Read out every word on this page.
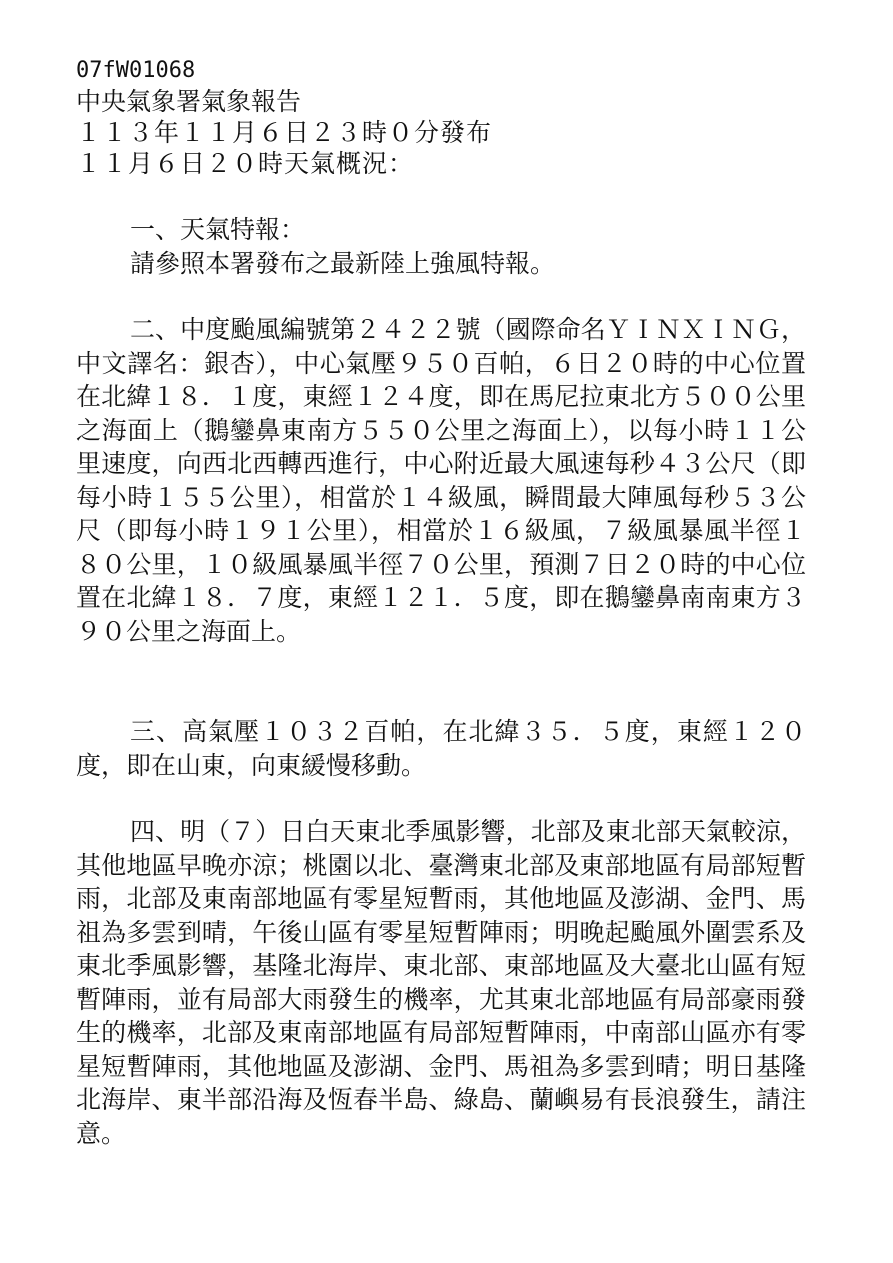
07fW01068
中央氣象署氣象報告
１１３年１１月６日２３時０分發布
１１月６日２０時天氣概況：
一、天氣特報：
請參照本署發布之最新陸上強風特報。

二、中度颱風編號第２４２２號（國際命名ＹＩＮＸＩＮＧ，中文譯名：銀杏），中心氣壓９５０百帕，６日２０時的中心位置在北緯１８．１度，東經１２４度，即在馬尼拉東北方５００公里之海面上（鵝鑾鼻東南方５５０公里之海面上），以每小時１１公里速度，向西北西轉西進行，中心附近最大風速每秒４３公尺（即每小時１５５公里），相當於１４級風，瞬間最大陣風每秒５３公尺（即每小時１９１公里），相當於１６級風，７級風暴風半徑１８０公里，１０級風暴風半徑７０公里，預測７日２０時的中心位置在北緯１８．７度，東經１２１．５度，即在鵝鑾鼻南南東方３９０公里之海面上。

三、高氣壓１０３２百帕，在北緯３５．５度，東經１２０度，即在山東，向東緩慢移動。

四、明（７）日白天東北季風影響，北部及東北部天氣較涼，其他地區早晚亦涼；桃園以北、臺灣東北部及東部地區有局部短暫雨，北部及東南部地區有零星短暫雨，其他地區及澎湖、金門、馬祖為多雲到晴，午後山區有零星短暫陣雨；明晚起颱風外圍雲系及東北季風影響，基隆北海岸、東北部、東部地區及大臺北山區有短暫陣雨，並有局部大雨發生的機率，尤其東北部地區有局部豪雨發生的機率，北部及東南部地區有局部短暫陣雨，中南部山區亦有零星短暫陣雨，其他地區及澎湖、金門、馬祖為多雲到晴；明日基隆北海岸、東半部沿海及恆春半島、綠島、蘭嶼易有長浪發生，請注意。
